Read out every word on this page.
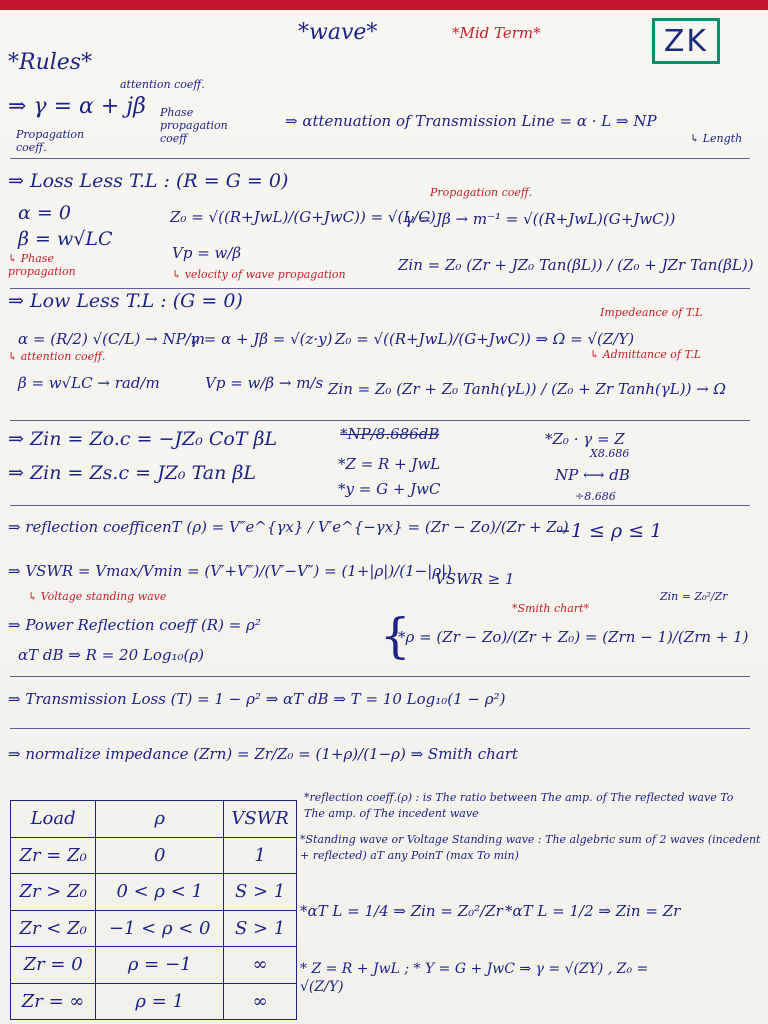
*wave*	*Mid Term*	ZK
*Rules*
attention coeff.
⇒ γ = α + jβ Phase propagation coeff
Propagation coeff.
⇒ αttenuation of Transmission Line = α · L ⇒ NP
↳ Length
⇒ Loss Less T.L : (R = G = 0)
Propagation coeff.
α = 0	Z₀ = √((R+JwL)/(G+JwC)) = √(L/C)
γ = Jβ → m⁻¹ = √((R+JwL)(G+JwC))
β = w√LC
↳ Phase propagation
Vp = w/β
Zin = Z₀ (Zr + JZ₀ Tan(βL)) / (Z₀ + JZr Tan(βL))
↳ velocity of wave propagation
⇒ Low Less T.L : (G = 0)
Impedeance of T.L
α = (R/2) √(C/L) → NP/m
γ = α + Jβ = √(z·y) Z₀ = √((R+JwL)/(G+JwC)) ⇒ Ω = √(Z/Y)
↳ Admittance of T.L
↳ attention coeff.
β = w√LC → rad/m	Vp = w/β → m/s Zin = Z₀ (Zr + Z₀ Tanh(γL)) / (Z₀ + Zr Tanh(γL)) → Ω
⇒ Zin = Zo.c = −JZ₀ CoT βL	*NP/8.686dB	*Z₀ · γ = Z
X8.686
⇒ Zin = Zs.c = JZ₀ Tan βL	*Z = R + JwL
NP ⟷ dB
*y = G + JwC	÷8.686
⇒ reflection coefficenT (ρ) = V″e^{γx} / V′e^{−γx} = (Zr − Zo)/(Zr + Z₀)
−1 ≤ ρ ≤ 1
⇒ VSWR = Vmax/Vmin = (V′+V″)/(V′−V″) = (1+|ρ|)/(1−|ρ|)
VSWR ≥ 1
Zin = Z₀²/Zr
↳ Voltage standing wave
*Smith chart*
⇒ Power Reflection coeff (R) = ρ² {
*ρ = (Zr − Zo)/(Zr + Z₀) = (Zrn − 1)/(Zrn + 1)
αT dB ⇒ R = 20 Log₁₀(ρ)
⇒ Transmission Loss (T) = 1 − ρ² ⇒ αT dB ⇒ T = 10 Log₁₀(1 − ρ²)
⇒ normalize impedance (Zrn) = Zr/Z₀ = (1+ρ)/(1−ρ) ⇒ Smith chart
Load	ρ	VSWR
Zr = Z₀	0	1
Zr > Z₀	0 < ρ < 1	S > 1
Zr < Z₀	−1 < ρ < 0	S > 1
Zr = 0	ρ = −1	∞
Zr = ∞	ρ = 1	∞
*reflection coeff.(ρ) : is The ratio between The amp. of The reflected wave To The amp. of The incedent wave
*Standing wave or Voltage Standing wave : The algebric sum of 2 waves (incedent + reflected) aT any PoinT (max To min)
*αT L = 1/4 ⇒ Zin = Z₀²/Zr *αT L = 1/2 ⇒ Zin = Zr
* Z = R + JwL ; * Y = G + JwC ⇒ γ = √(ZY) , Z₀ = √(Z/Y)
